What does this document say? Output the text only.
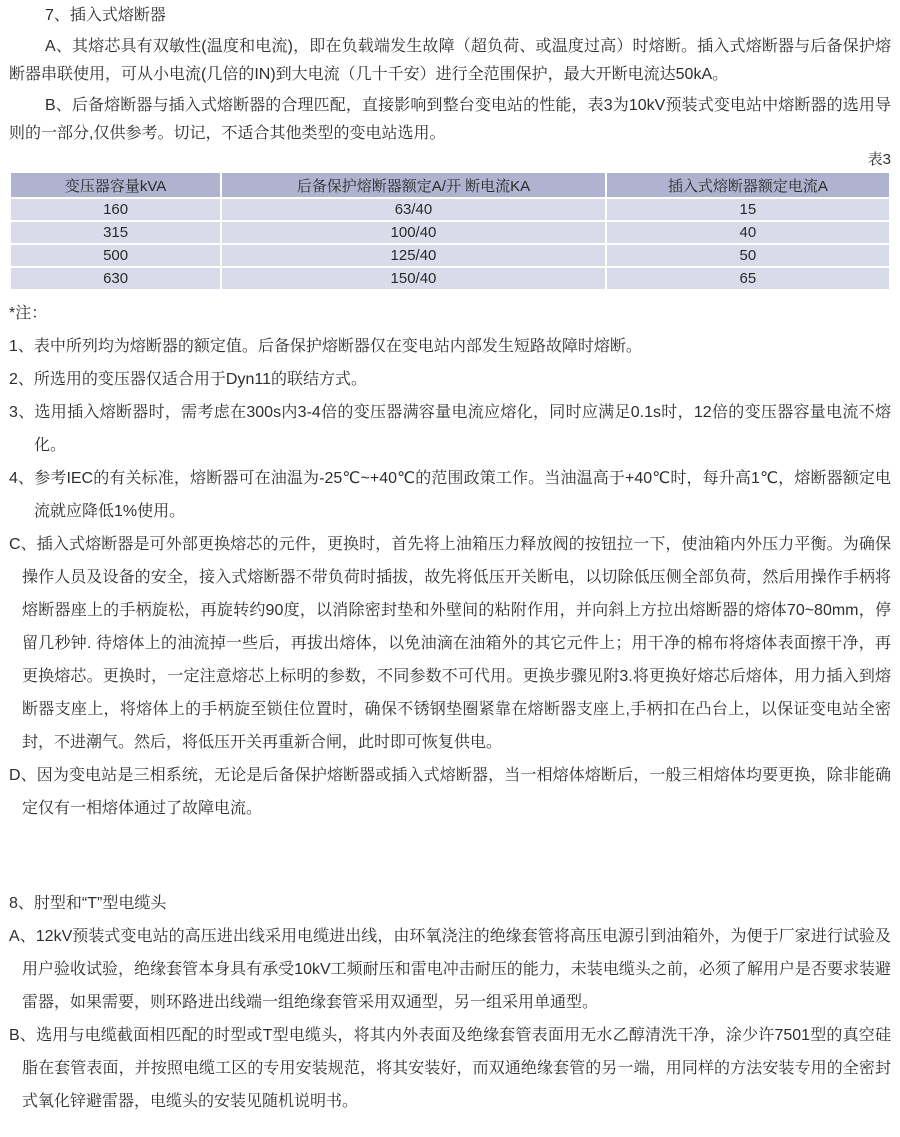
7、插入式熔断器

A、其熔芯具有双敏性(温度和电流)，即在负载端发生故障（超负荷、或温度过高）时熔断。插入式熔断器与后备保护熔断器串联使用，可从小电流(几倍的IN)到大电流（几十千安）进行全范围保护，最大开断电流达50kA。

B、后备熔断器与插入式熔断器的合理匹配，直接影响到整台变电站的性能，表3为10kV预装式变电站中熔断器的选用导则的一部分,仅供参考。切记，不适合其他类型的变电站选用。

表3
变压器容量kVA	后备保护熔断器额定A/开 断电流KA	插入式熔断器额定电流A
160	63/40	15
315	100/40	40
500	125/40	50
630	150/40	65
*注：
1、表中所列均为熔断器的额定值。后备保护熔断器仅在变电站内部发生短路故障时熔断。
2、所选用的变压器仅适合用于Dyn11的联结方式。
3、选用插入熔断器时，需考虑在300s内3-4倍的变压器满容量电流应熔化，同时应满足0.1s时，12倍的变压器容量电流不熔化。
4、参考IEC的有关标准，熔断器可在油温为-25℃~+40℃的范围政策工作。当油温高于+40℃时，每升高1℃，熔断器额定电流就应降低1%使用。
C、插入式熔断器是可外部更换熔芯的元件，更换时，首先将上油箱压力释放阀的按钮拉一下，使油箱内外压力平衡。为确保操作人员及设备的安全，接入式熔断器不带负荷时插拔，故先将低压开关断电，以切除低压侧全部负荷，然后用操作手柄将熔断器座上的手柄旋松，再旋转约90度，以消除密封垫和外壁间的粘附作用，并向斜上方拉出熔断器的熔体70~80mm，停留几秒钟. 待熔体上的油流掉一些后，再拔出熔体，以免油滴在油箱外的其它元件上；用干净的棉布将熔体表面擦干净，再更换熔芯。更换时，一定注意熔芯上标明的参数，不同参数不可代用。更换步骤见附3.将更换好熔芯后熔体，用力插入到熔断器支座上，将熔体上的手柄旋至锁住位置时，确保不锈钢垫圈紧靠在熔断器支座上,手柄扣在凸台上，以保证变电站全密封，不进潮气。然后，将低压开关再重新合闸，此时即可恢复供电。
D、因为变电站是三相系统，无论是后备保护熔断器或插入式熔断器，当一相熔体熔断后，一般三相熔体均要更换，除非能确定仅有一相熔体通过了故障电流。
8、肘型和“T”型电缆头
A、12kV预装式变电站的高压进出线采用电缆进出线，由环氧浇注的绝缘套管将高压电源引到油箱外，为便于厂家进行试验及用户验收试验，绝缘套管本身具有承受10kV工频耐压和雷电冲击耐压的能力，未装电缆头之前，必须了解用户是否要求装避雷器，如果需要，则环路进出线端一组绝缘套管采用双通型，另一组采用单通型。
B、选用与电缆截面相匹配的时型或T型电缆头，将其内外表面及绝缘套管表面用无水乙醇清洗干净，涂少许7501型的真空硅脂在套管表面，并按照电缆工区的专用安装规范，将其安装好，而双通绝缘套管的另一端，用同样的方法安装专用的全密封式氧化锌避雷器，电缆头的安装见随机说明书。
